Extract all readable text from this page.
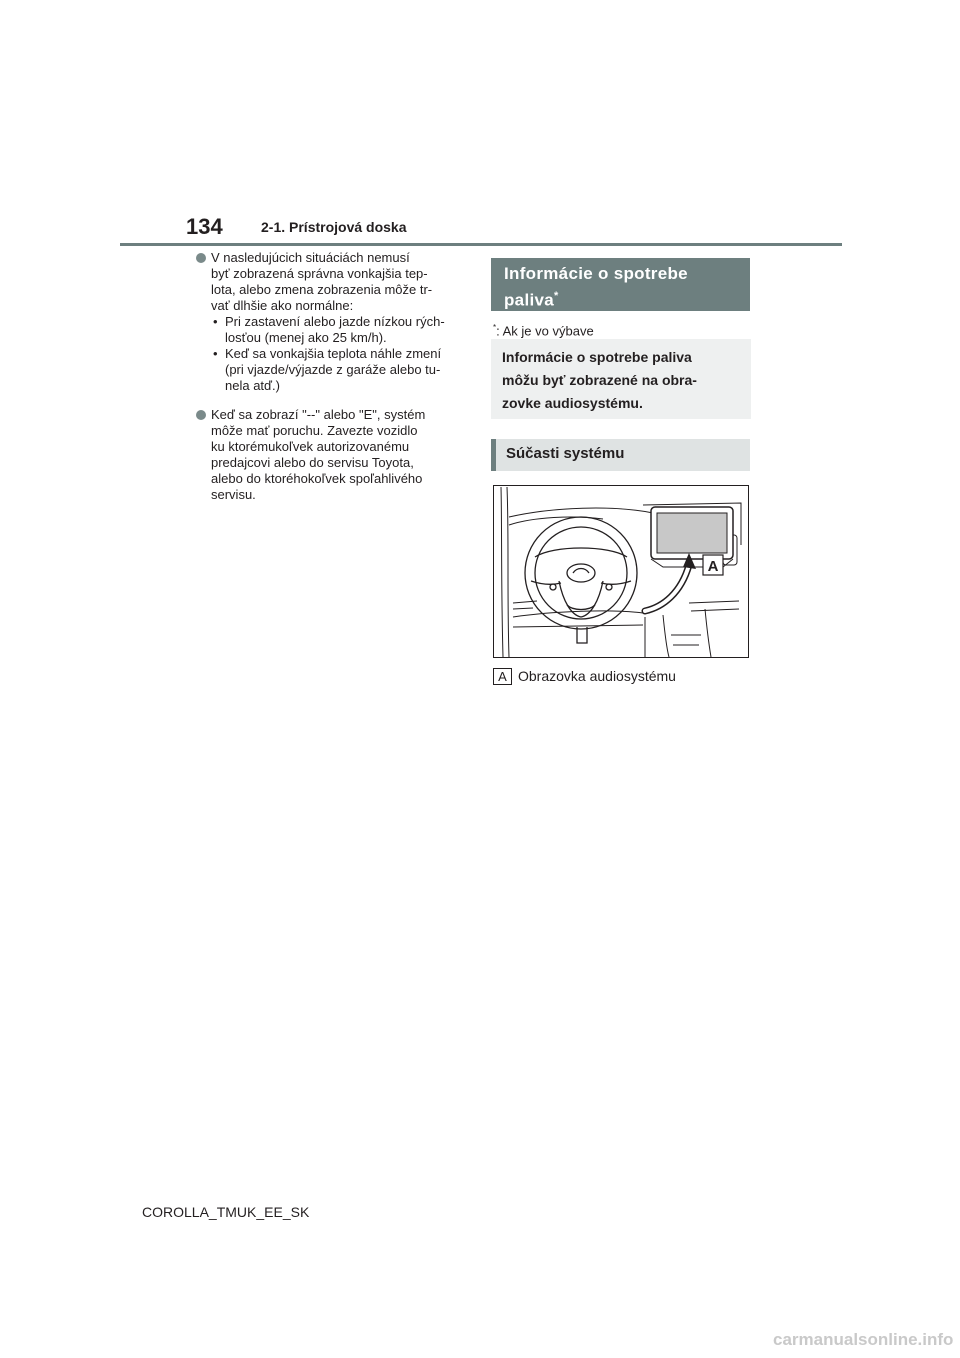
134	2-1. Prístrojová doska
V nasledujúcich situáciách nemusí
byť zobrazená správna vonkajšia tep-
lota, alebo zmena zobrazenia môže tr-
vať dlhšie ako normálne:
• Pri zastavení alebo jazde nízkou rých-
losťou (menej ako 25 km/h).
• Keď sa vonkajšia teplota náhle zmení
(pri vjazde/výjazde z garáže alebo tu-
nela atď.)
Keď sa zobrazí "--" alebo "E", systém
môže mať poruchu. Zavezte vozidlo
ku ktorémukoľvek autorizovanému
predajcovi alebo do servisu Toyota,
alebo do ktoréhokoľvek spoľahlivého
servisu.
Informácie o spotrebe
paliva*
*: Ak je vo výbave
Informácie o spotrebe paliva
môžu byť zobrazené na obra-
zovke audiosystému.
Súčasti systému
A
A Obrazovka audiosystému
COROLLA_TMUK_EE_SK
carmanualsonline.info
